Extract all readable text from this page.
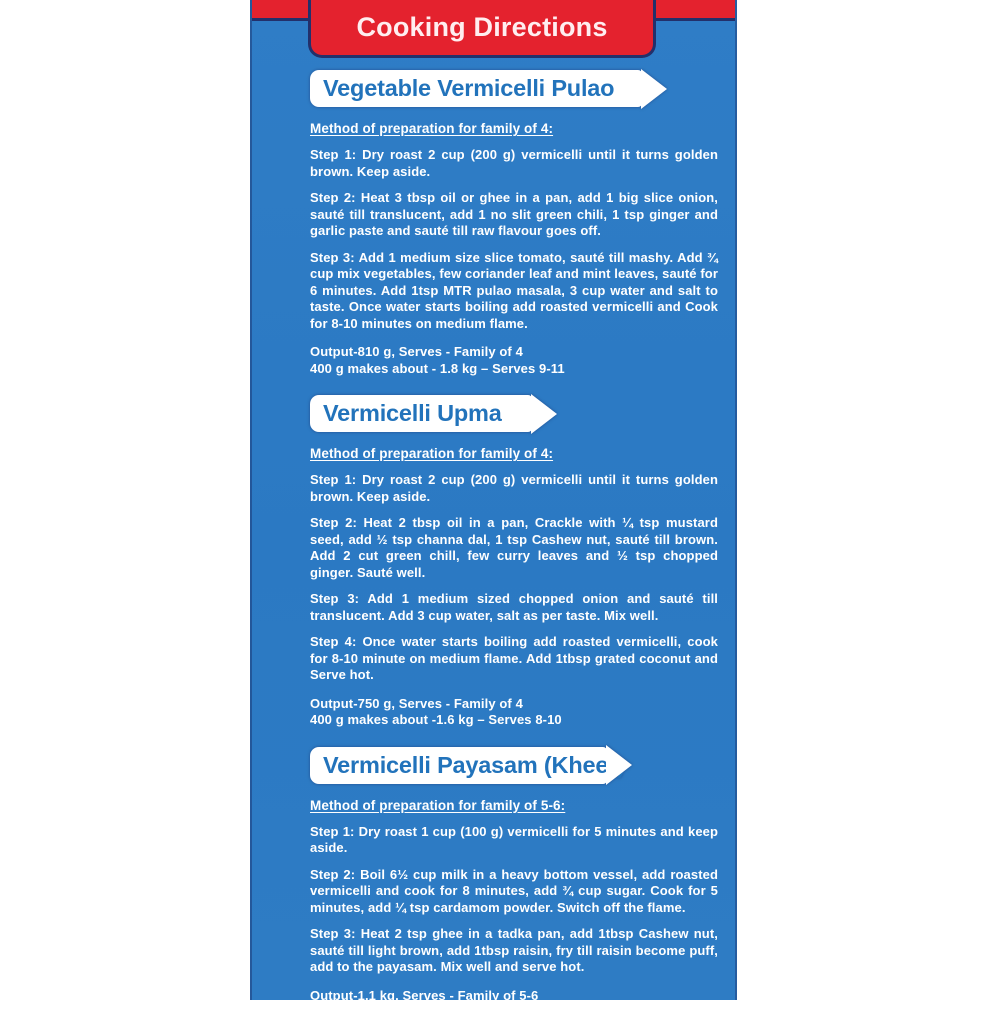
Cooking Directions
Vegetable Vermicelli Pulao
Method of preparation for family of 4:

Step 1: Dry roast 2 cup (200 g) vermicelli until it turns golden brown. Keep aside.

Step 2: Heat 3 tbsp oil or ghee in a pan, add 1 big slice onion, sauté till translucent, add 1 no slit green chili, 1 tsp ginger and garlic paste and sauté till raw flavour goes off.

Step 3: Add 1 medium size slice tomato, sauté till mashy. Add ¾ cup mix vegetables, few coriander leaf and mint leaves, sauté for 6 minutes. Add 1tsp MTR pulao masala, 3 cup water and salt to taste. Once water starts boiling add roasted vermicelli and Cook for 8-10 minutes on medium flame.

Output-810 g, Serves - Family of 4
400 g makes about - 1.8 kg – Serves 9-11
Vermicelli Upma
Method of preparation for family of 4:

Step 1: Dry roast 2 cup (200 g) vermicelli until it turns golden brown. Keep aside.

Step 2: Heat 2 tbsp oil in a pan, Crackle with ¼ tsp mustard seed, add ½ tsp channa dal, 1 tsp Cashew nut, sauté till brown. Add 2 cut green chill, few curry leaves and ½ tsp chopped ginger. Sauté well.

Step 3: Add 1 medium sized chopped onion and sauté till translucent. Add 3 cup water, salt as per taste. Mix well.

Step 4: Once water starts boiling add roasted vermicelli, cook for 8-10 minute on medium flame. Add 1tbsp grated coconut and Serve hot.

Output-750 g, Serves - Family of 4
400 g makes about -1.6 kg – Serves 8-10
Vermicelli Payasam (Kheer)
Method of preparation for family of 5-6:

Step 1: Dry roast 1 cup (100 g) vermicelli for 5 minutes and keep aside.

Step 2: Boil 6½ cup milk in a heavy bottom vessel, add roasted vermicelli and cook for 8 minutes, add ¾ cup sugar. Cook for 5 minutes, add ¼ tsp cardamom powder. Switch off the flame.

Step 3: Heat 2 tsp ghee in a tadka pan, add 1tbsp Cashew nut, sauté till light brown, add 1tbsp raisin, fry till raisin become puff, add to the payasam. Mix well and serve hot.

Output-1.1 kg, Serves - Family of 5-6
400 g makes about - 4.5 kg – Serves 22-23
